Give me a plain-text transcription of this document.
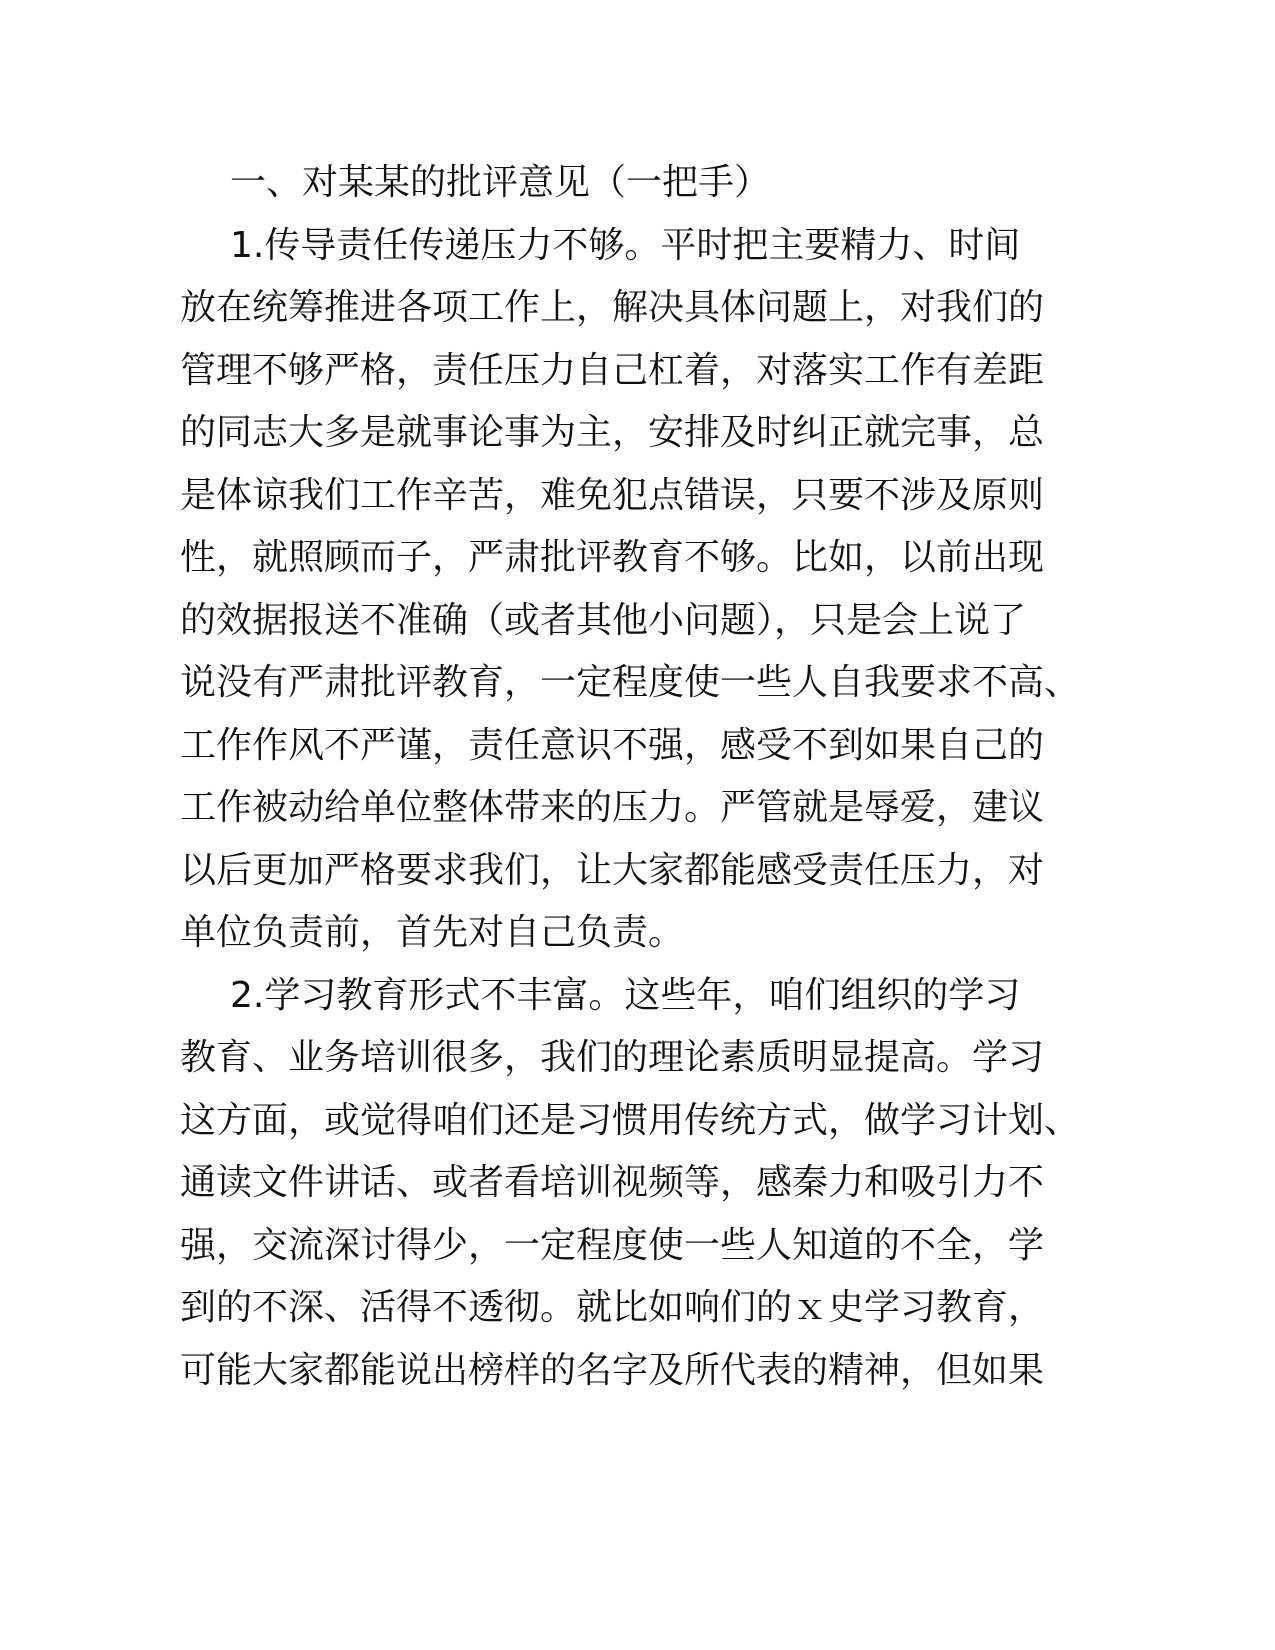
一、对某某的批评意见（一把手）
1.传导责任传递压力不够。平时把主要精力、时间
放在统筹推进各项工作上，解决具体问题上，对我们的
管理不够严格，责任压力自己杠着，对落实工作有差距
的同志大多是就事论事为主，安排及时纠正就完事，总
是体谅我们工作辛苦，难免犯点错误，只要不涉及原则
性，就照顾而子，严肃批评教育不够。比如，以前出现
的效据报送不准确（或者其他小问题），只是会上说了
说没有严肃批评教育，一定程度使一些人自我要求不高、
工作作风不严谨，责任意识不强，感受不到如果自己的
工作被动给单位整体带来的压力。严管就是辱爱，建议
以后更加严格要求我们，让大家都能感受责任压力，对
单位负责前，首先对自己负责。
2.学习教育形式不丰富。这些年，咱们组织的学习
教育、业务培训很多，我们的理论素质明显提高。学习
这方面，或觉得咱们还是习惯用传统方式，做学习计划、
通读文件讲话、或者看培训视频等，感秦力和吸引力不
强，交流深讨得少，一定程度使一些人知道的不全，学
到的不深、活得不透彻。就比如响们的ｘ史学习教育，
可能大家都能说出榜样的名字及所代表的精神，但如果
